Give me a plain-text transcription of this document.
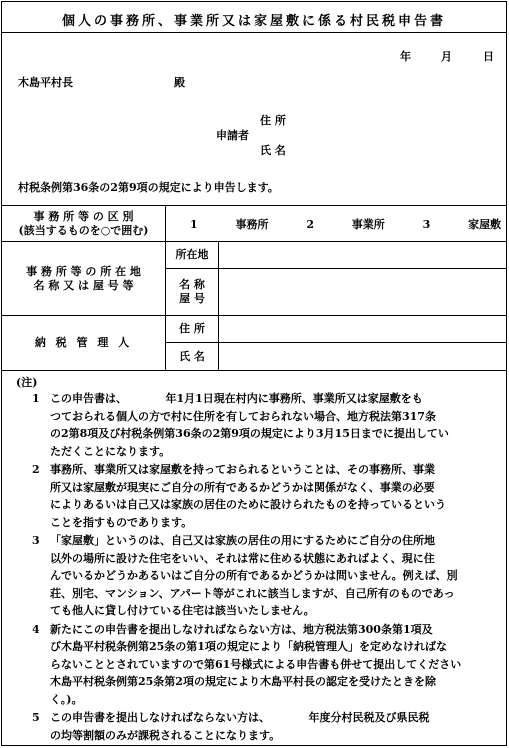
個人の事務所、事業所又は家屋敷に係る村民税申告書
年	月	日
木島平村長	殿
申請者
住 所
氏 名
村税条例第36条の2第9項の規定により申告します。
事 務 所 等 の 区 別
(該当するものを○で囲む)	1 事務所 2 事業所 3 家屋敷	

事 務 所 等 の 所 在 地
名 称 又 は 屋 号 等	所在地	

	名 称
屋 号	

納 税 管 理 人	住 所	
	氏 名	
(注)
1 この申告書は、　　　　年1月1日現在村内に事務所、事業所又は家屋敷をも
つておられる個人の方で村に住所を有しておられない場合、地方税法第317条
の2第8項及び村税条例第36条の2第9項の規定により3月15日までに提出してい
ただくことになります。
2 事務所、事業所又は家屋敷を持っておられるということは、その事務所、事業
所又は家屋敷が現実にご自分の所有であるかどうかは関係がなく、事業の必要
によりあるいは自己又は家族の居住のために設けられたものを持っているという
ことを指すものであります。
3 「家屋敷」というのは、自己又は家族の居住の用にするためにご自分の住所地
以外の場所に設けた住宅をいい、それは常に住める状態にあればよく、現に住
んでいるかどうかあるいはご自分の所有であるかどうかは問いません。例えば、別
荘、別宅、マンション、アパート等がこれに該当しますが、自己所有のものであっ
ても他人に貸し付けている住宅は該当いたしません。
4 新たにこの申告書を提出しなければならない方は、地方税法第300条第1項及
び木島平村税条例第25条の第1項の規定により「納税管理人」を定めなければな
らないこととされていますので第61号様式による申告書も併せて提出してください
木島平村税条例第25条第2項の規定により木島平村長の認定を受けたときを除
く。)。
5 この申告書を提出しなければならない方は、　　　　年度分村民税及び県民税
の均等割額のみが課税されることになります。
